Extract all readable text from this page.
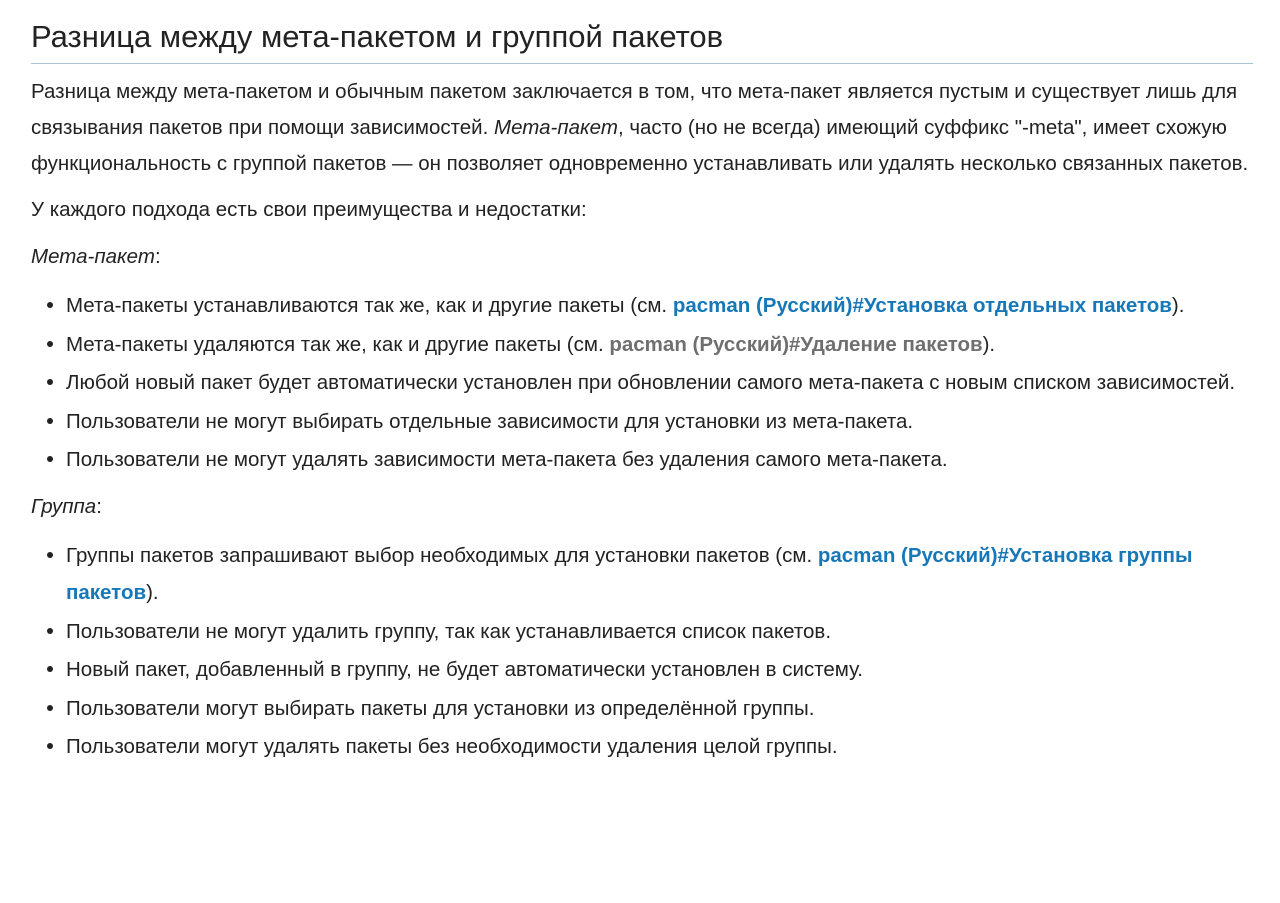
Разница между мета-пакетом и группой пакетов

Разница между мета-пакетом и обычным пакетом заключается в том, что мета-пакет является пустым и существует лишь для связывания пакетов при помощи зависимостей. Мета-пакет, часто (но не всегда) имеющий суффикс "-meta", имеет схожую функциональность с группой пакетов — он позволяет одновременно устанавливать или удалять несколько связанных пакетов.

У каждого подхода есть свои преимущества и недостатки:

Мета-пакет:

Мета-пакеты устанавливаются так же, как и другие пакеты (см. pacman (Русский)#Установка отдельных пакетов).
Мета-пакеты удаляются так же, как и другие пакеты (см. pacman (Русский)#Удаление пакетов).
Любой новый пакет будет автоматически установлен при обновлении самого мета-пакета с новым списком зависимостей.
Пользователи не могут выбирать отдельные зависимости для установки из мета-пакета.
Пользователи не могут удалять зависимости мета-пакета без удаления самого мета-пакета.

Группа:

Группы пакетов запрашивают выбор необходимых для установки пакетов (см. pacman (Русский)#Установка группы пакетов).
Пользователи не могут удалить группу, так как устанавливается список пакетов.
Новый пакет, добавленный в группу, не будет автоматически установлен в систему.
Пользователи могут выбирать пакеты для установки из определённой группы.
Пользователи могут удалять пакеты без необходимости удаления целой группы.
